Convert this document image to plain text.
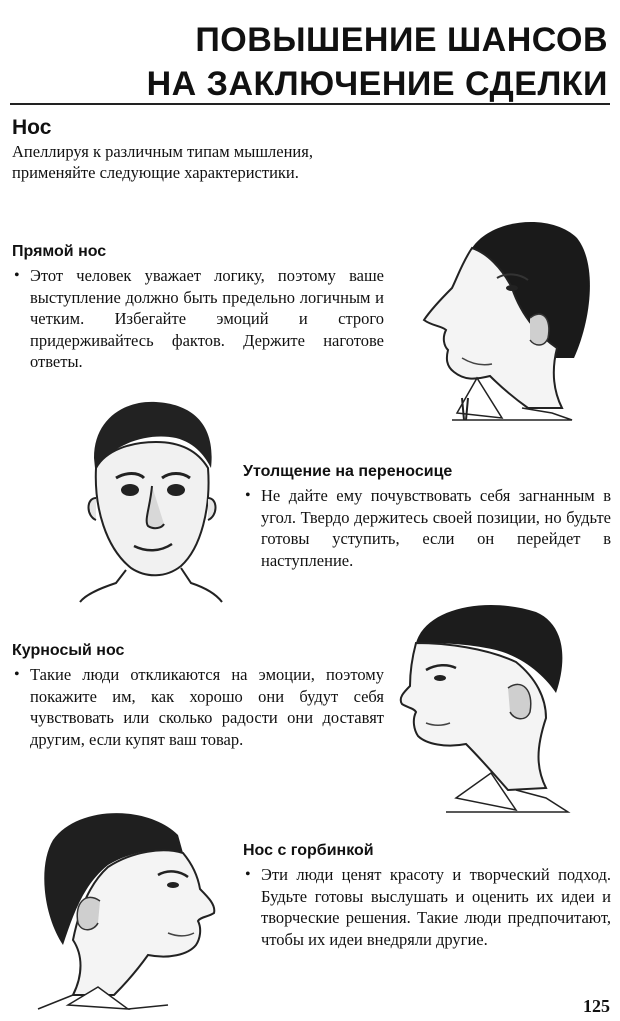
ПОВЫШЕНИЕ ШАНСОВ
НА ЗАКЛЮЧЕНИЕ СДЕЛКИ
Нос
Апеллируя к различным типам мышления, применяйте следующие характеристики.
Прямой нос
• Этот человек уважает логику, поэтому ваше выступление должно быть предельно логичным и четким. Избегайте эмоций и строго придерживайтесь фактов. Держите наготове ответы.
Утолщение на переносице
• Не дайте ему почувствовать себя загнанным в угол. Твердо держитесь своей позиции, но будьте готовы уступить, если он перейдет в наступление.
Курносый нос
• Такие люди откликаются на эмоции, поэтому покажите им, как хорошо они будут себя чувствовать или сколько радости они доставят другим, если купят ваш товар.
Нос с горбинкой
• Эти люди ценят красоту и творческий подход. Будьте готовы выслушать и оценить их идеи и творческие решения. Такие люди предпочитают, чтобы их идеи внедряли другие.
125
